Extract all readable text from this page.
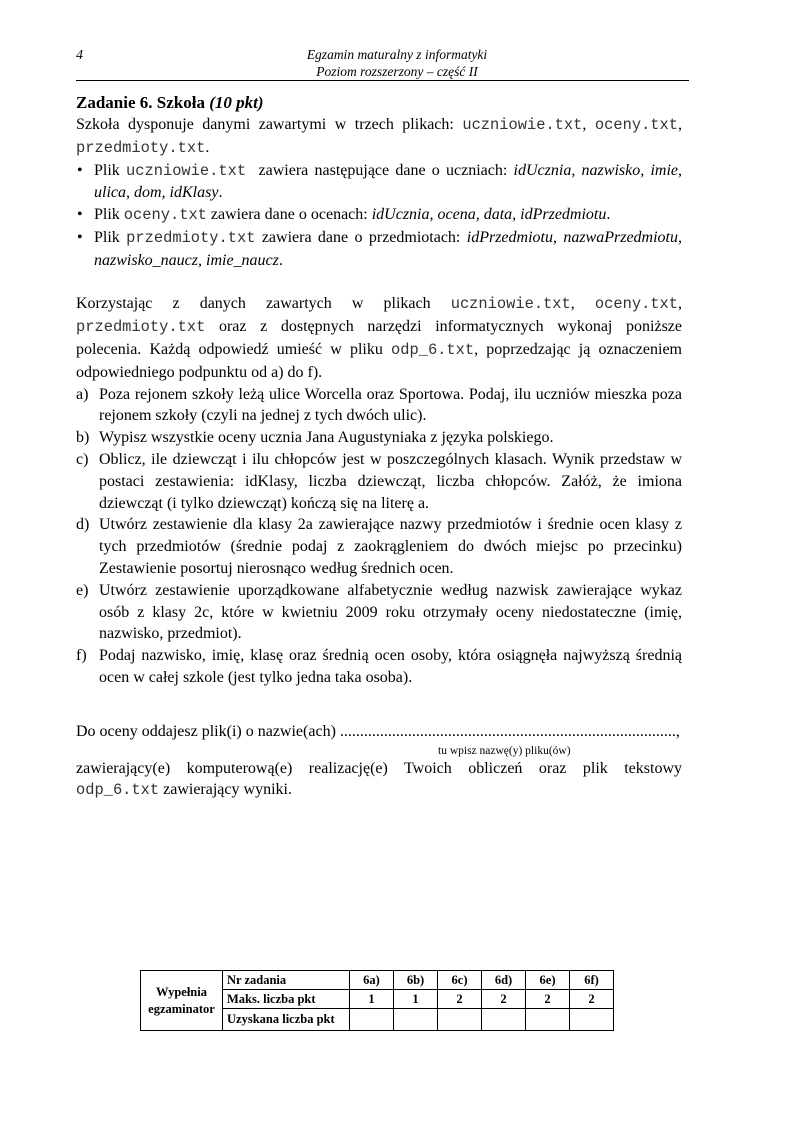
4	Egzamin maturalny z informatyki
Poziom rozszerzony – część II

Zadanie 6. Szkoła (10 pkt)

Szkoła dysponuje danymi zawartymi w trzech plikach: uczniowie.txt, oceny.txt, przedmioty.txt.

• Plik uczniowie.txt  zawiera następujące dane o uczniach: idUcznia, nazwisko, imie, ulica, dom, idKlasy.
• Plik oceny.txt zawiera dane o ocenach: idUcznia, ocena, data, idPrzedmiotu.
• Plik przedmioty.txt zawiera dane o przedmiotach: idPrzedmiotu, nazwaPrzedmiotu, nazwisko_naucz, imie_naucz.

Korzystając z danych zawartych w plikach uczniowie.txt, oceny.txt, przedmioty.txt oraz z dostępnych narzędzi informatycznych wykonaj poniższe polecenia. Każdą odpowiedź umieść w pliku odp_6.txt, poprzedzając ją oznaczeniem odpowiedniego podpunktu od a) do f).

a) Poza rejonem szkoły leżą ulice Worcella oraz Sportowa. Podaj, ilu uczniów mieszka poza rejonem szkoły (czyli na jednej z tych dwóch ulic).
b) Wypisz wszystkie oceny ucznia Jana Augustyniaka z języka polskiego.
c) Oblicz, ile dziewcząt i ilu chłopców jest w poszczególnych klasach. Wynik przedstaw w postaci zestawienia: idKlasy, liczba dziewcząt, liczba chłopców. Załóż, że imiona dziewcząt (i tylko dziewcząt) kończą się na literę a.
d) Utwórz zestawienie dla klasy 2a zawierające nazwy przedmiotów i średnie ocen klasy z tych przedmiotów (średnie podaj z zaokrągleniem do dwóch miejsc po przecinku) Zestawienie posortuj nierosnąco według średnich ocen.
e) Utwórz zestawienie uporządkowane alfabetycznie według nazwisk zawierające wykaz osób z klasy 2c, które w kwietniu 2009 roku otrzymały oceny niedostateczne (imię, nazwisko, przedmiot).
f) Podaj nazwisko, imię, klasę oraz średnią ocen osoby, która osiągnęła najwyższą średnią ocen w całej szkole (jest tylko jedna taka osoba).

Do oceny oddajesz plik(i) o nazwie(ach) ....................................................................................,

tu wpisz nazwę(y) pliku(ów)

zawierający(e) komputerową(e) realizację(e) Twoich obliczeń oraz plik tekstowy

odp_6.txt zawierający wyniki.

Wypełnia egzaminator	Nr zadania	6a)	6b)	6c)	6d)	6e)	6f)
	Maks. liczba pkt	1	1	2	2	2	2
	Uzyskana liczba pkt						
